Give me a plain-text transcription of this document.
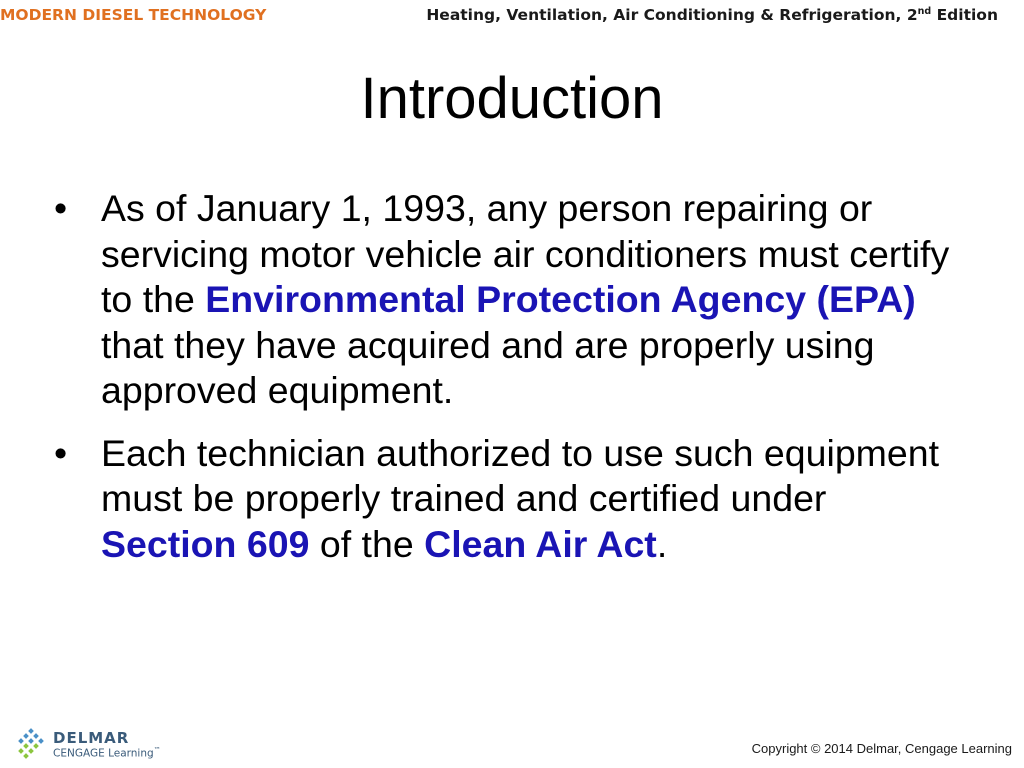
MODERN DIESEL TECHNOLOGY	Heating, Ventilation, Air Conditioning & Refrigeration, 2nd Edition
Introduction
• As of January 1, 1993, any person repairing or servicing motor vehicle air conditioners must certify to the Environmental Protection Agency (EPA) that they have acquired and are properly using approved equipment.
• Each technician authorized to use such equipment must be properly trained and certified under Section 609 of the Clean Air Act.
DELMAR
CENGAGE Learning™	Copyright © 2014 Delmar, Cengage Learning
